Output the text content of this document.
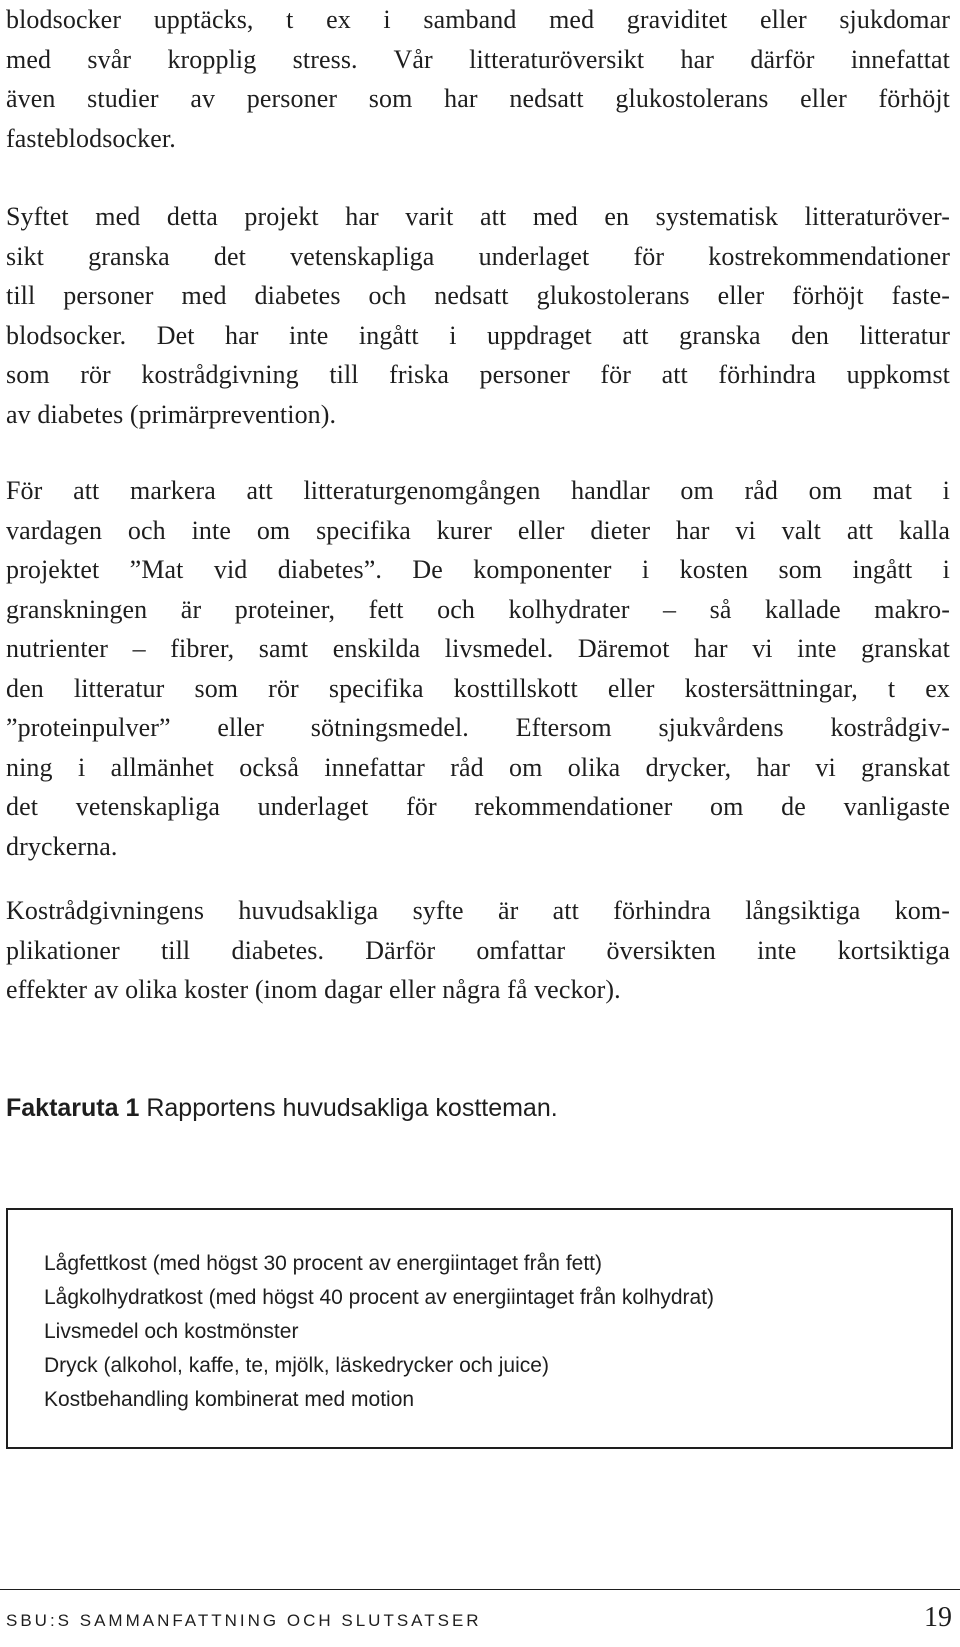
blodsocker upptäcks, t ex i samband med graviditet eller sjukdomar
med svår kropplig stress. Vår litteraturöversikt har därför innefattat
även studier av personer som har nedsatt glukostolerans eller förhöjt
fasteblodsocker.
Syftet med detta projekt har varit att med en systematisk litteraturöver-
sikt granska det vetenskapliga underlaget för kostrekommendationer
till personer med diabetes och nedsatt glukostolerans eller förhöjt faste-
blodsocker. Det har inte ingått i uppdraget att granska den litteratur
som rör kostrådgivning till friska personer för att förhindra uppkomst
av diabetes (primärprevention).
För att markera att litteraturgenomgången handlar om råd om mat i
vardagen och inte om specifika kurer eller dieter har vi valt att kalla
projektet ”Mat vid diabetes”. De komponenter i kosten som ingått i
granskningen är proteiner, fett och kolhydrater – så kallade makro-
nutrienter – fibrer, samt enskilda livsmedel. Däremot har vi inte granskat
den litteratur som rör specifika kosttillskott eller kostersättningar, t ex
”proteinpulver” eller sötningsmedel. Eftersom sjukvårdens kostrådgiv-
ning i allmänhet också innefattar råd om olika drycker, har vi granskat
det vetenskapliga underlaget för rekommendationer om de vanligaste
dryckerna.
Kostrådgivningens huvudsakliga syfte är att förhindra långsiktiga kom-
plikationer till diabetes. Därför omfattar översikten inte kortsiktiga
effekter av olika koster (inom dagar eller några få veckor).
Faktaruta 1 Rapportens huvudsakliga kostteman.
Lågfettkost (med högst 30 procent av energiintaget från fett)
Lågkolhydratkost (med högst 40 procent av energiintaget från kolhydrat)
Livsmedel och kostmönster
Dryck (alkohol, kaffe, te, mjölk, läskedrycker och juice)
Kostbehandling kombinerat med motion
SBU:S SAMMANFATTNING OCH SLUTSATSER	19
